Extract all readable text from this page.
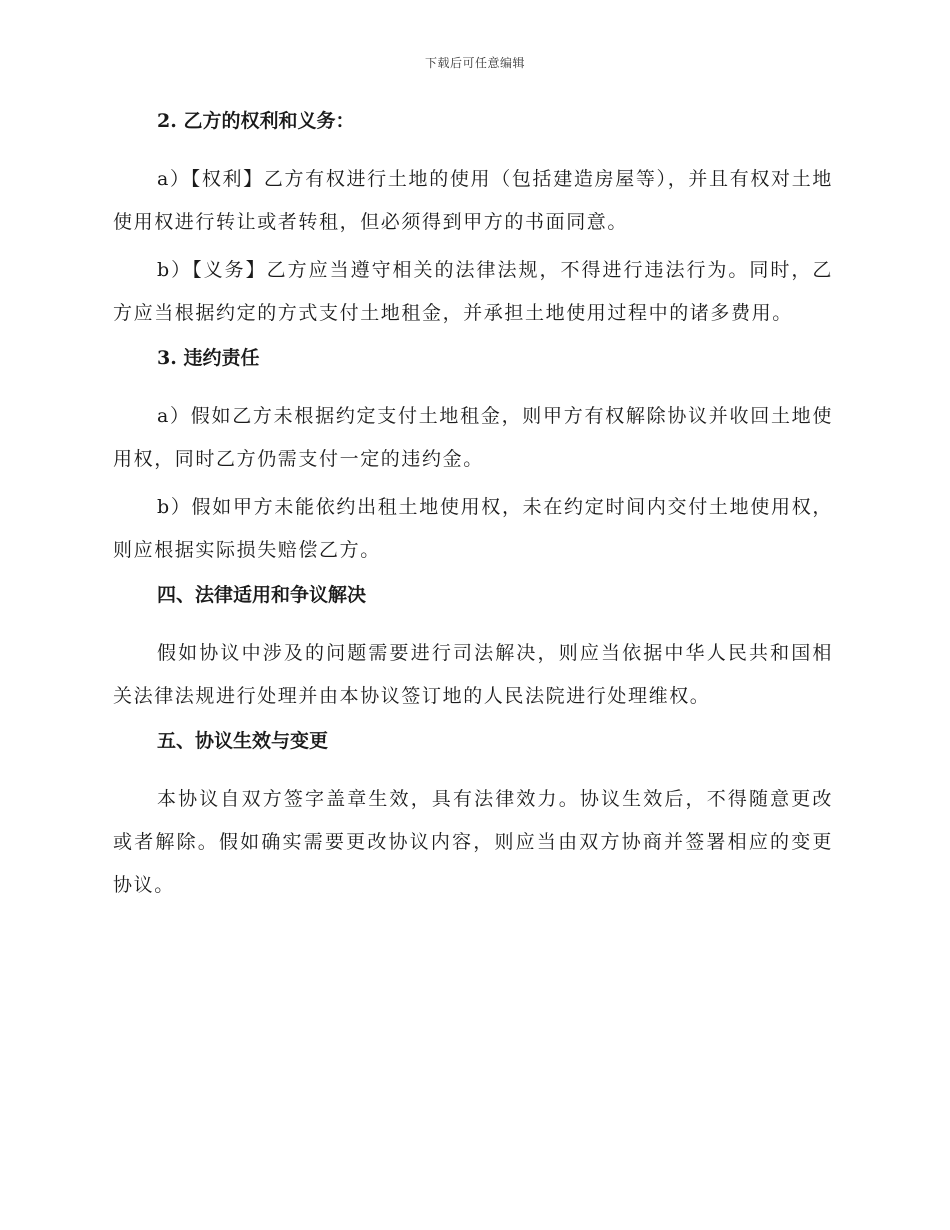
下载后可任意编辑

2. 乙方的权利和义务：

a）【权利】乙方有权进行土地的使用（包括建造房屋等），并且有权对土地使用权进行转让或者转租，但必须得到甲方的书面同意。

b）【义务】乙方应当遵守相关的法律法规，不得进行违法行为。同时，乙方应当根据约定的方式支付土地租金，并承担土地使用过程中的诸多费用。

3. 违约责任

a）假如乙方未根据约定支付土地租金，则甲方有权解除协议并收回土地使用权，同时乙方仍需支付一定的违约金。

b）假如甲方未能依约出租土地使用权，未在约定时间内交付土地使用权，则应根据实际损失赔偿乙方。

四、法律适用和争议解决

假如协议中涉及的问题需要进行司法解决，则应当依据中华人民共和国相关法律法规进行处理并由本协议签订地的人民法院进行处理维权。

五、协议生效与变更

本协议自双方签字盖章生效，具有法律效力。协议生效后，不得随意更改或者解除。假如确实需要更改协议内容，则应当由双方协商并签署相应的变更协议。
